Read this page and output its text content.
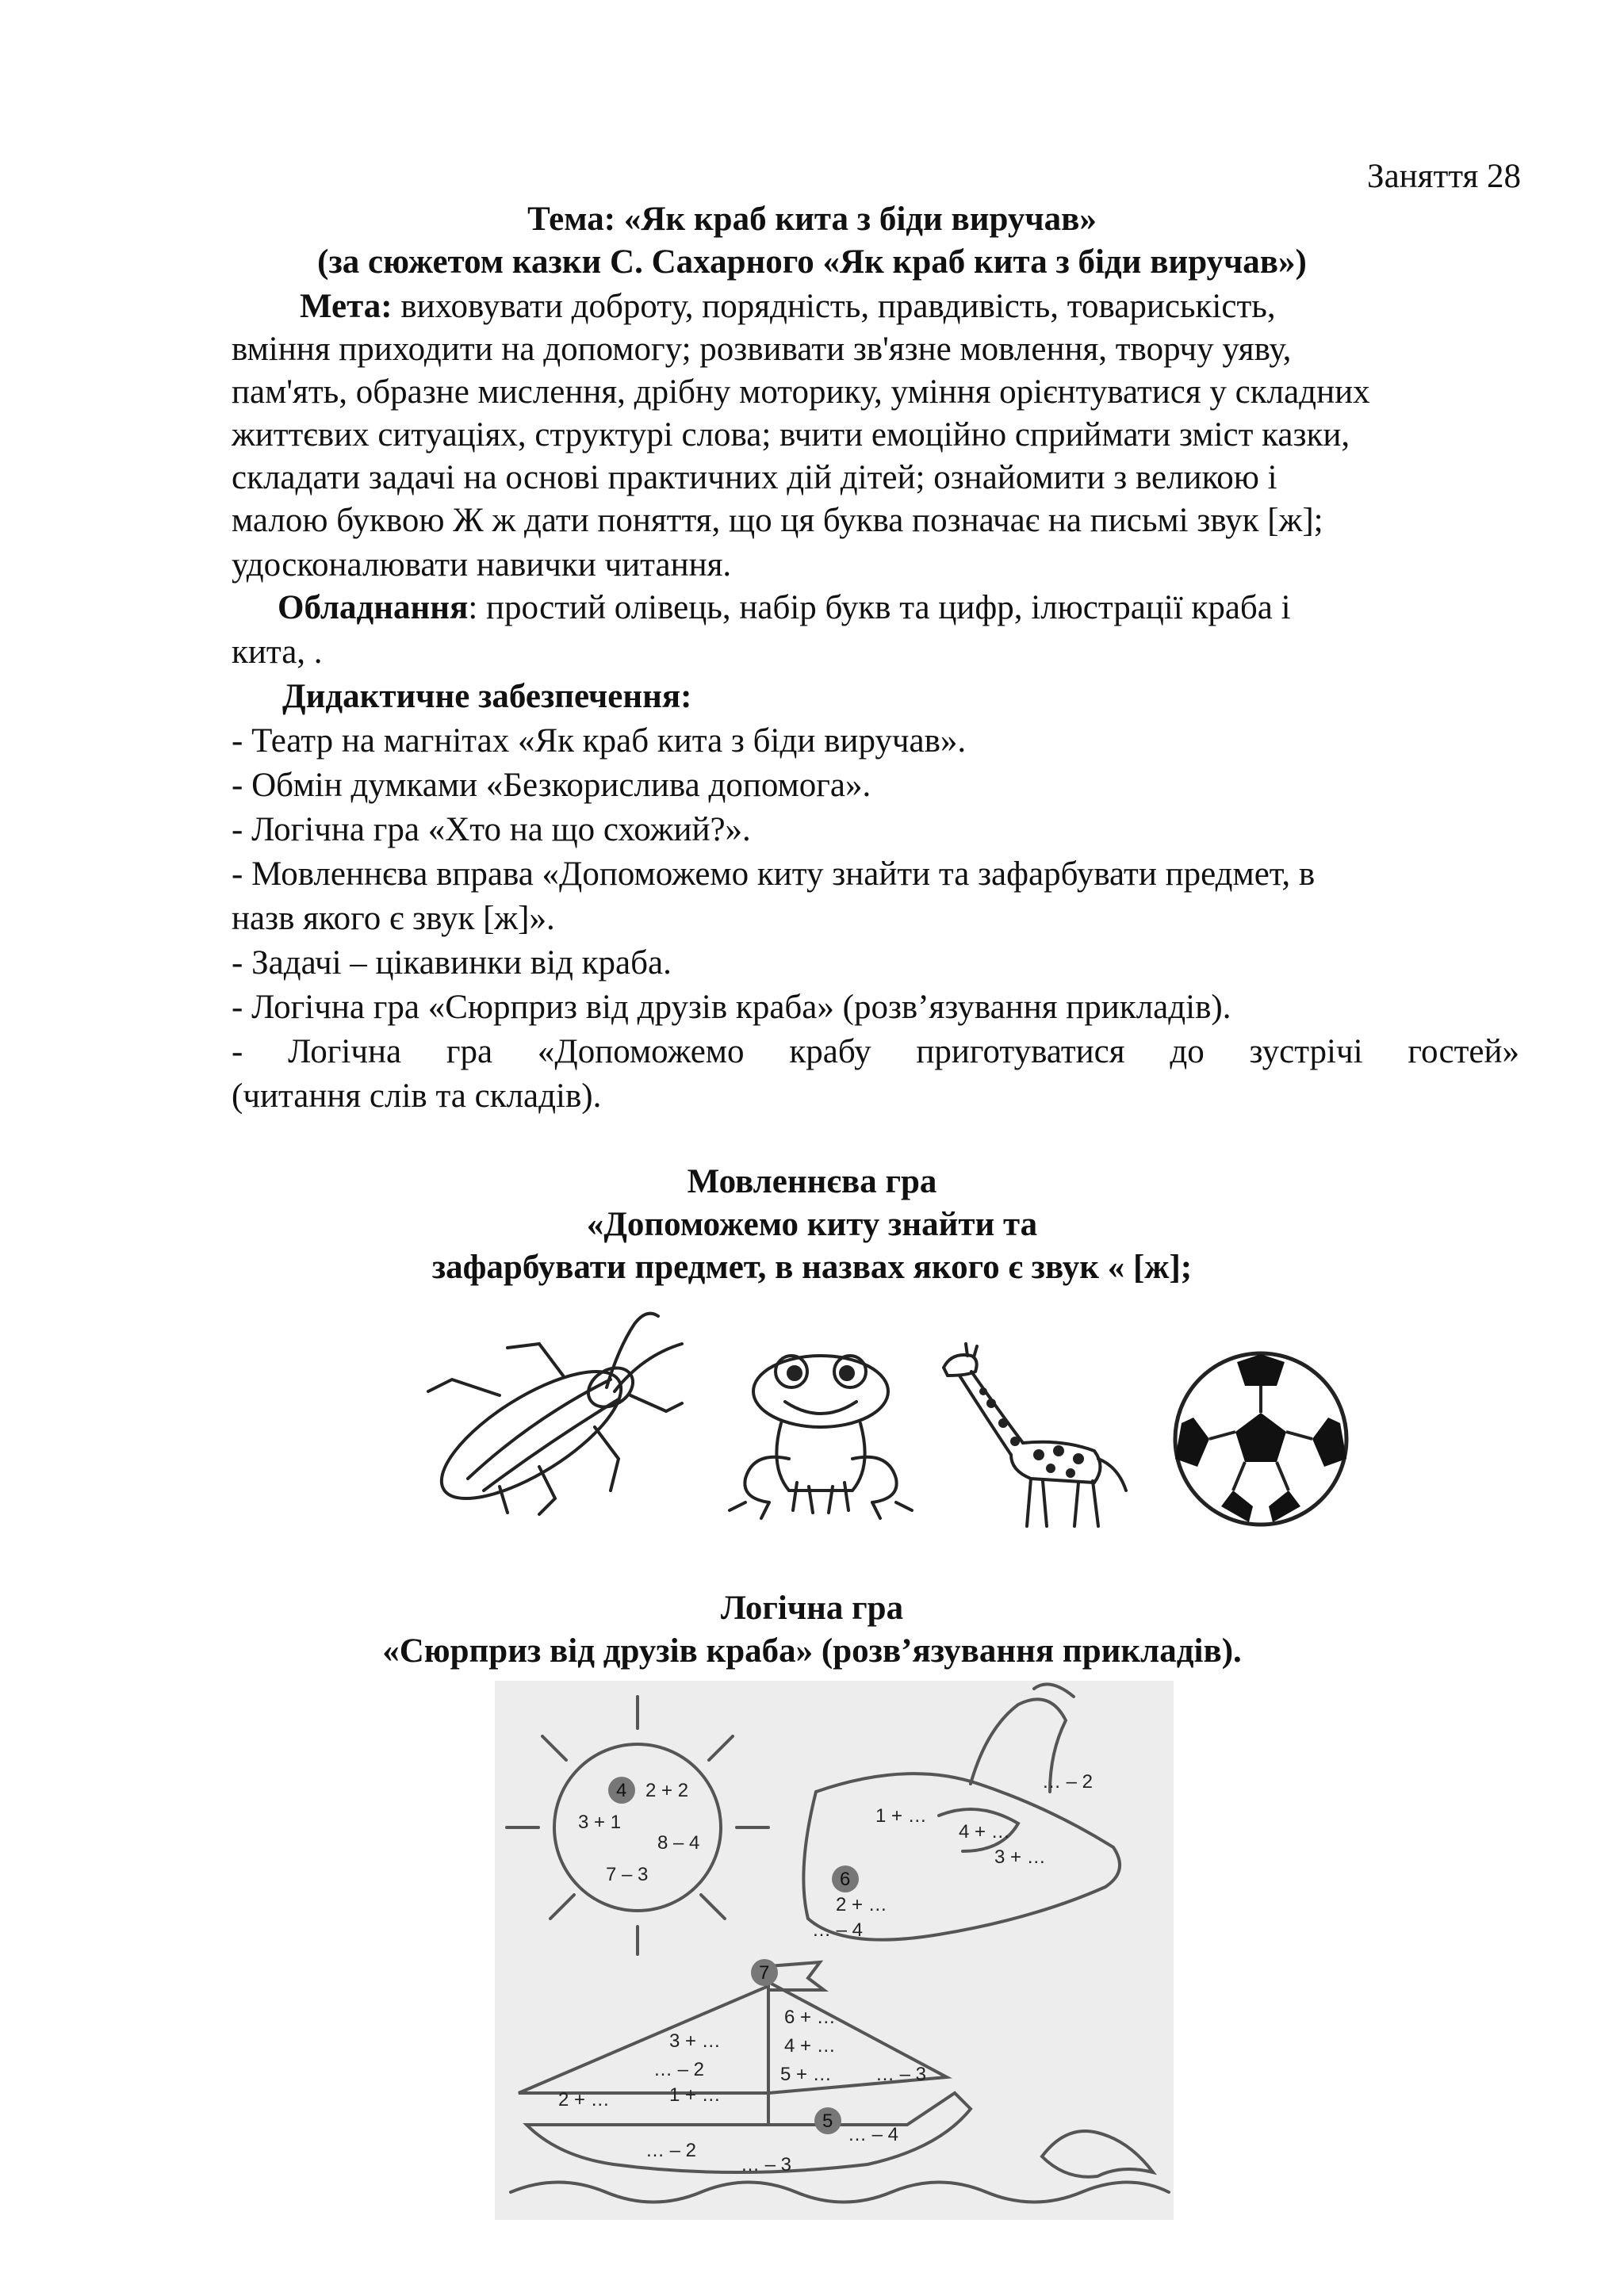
Заняття 28
Тема: «Як краб кита з біди виручав»
(за сюжетом казки С. Сахарного «Як краб кита з біди виручав»)
Мета: виховувати доброту, порядність, правдивість, товариськість,
вміння приходити на допомогу; розвивати зв'язне мовлення, творчу уяву,
пам'ять, образне мислення, дрібну моторику, уміння орієнтуватися у складних
життєвих ситуаціях, структурі слова; вчити емоційно сприймати зміст казки,
складати задачі на основі практичних дій дітей; ознайомити з великою і
малою буквою Ж ж дати поняття, що ця буква позначає на письмі звук [ж];
удосконалювати навички читання.
Обладнання: простий олівець, набір букв та цифр, ілюстрації краба і
кита, .
Дидактичне забезпечення:
- Театр на магнітах «Як краб кита з біди виручав».
- Обмін думками «Безкорислива допомога».
- Логічна гра «Хто на що схожий?».
- Мовленнєва вправа «Допоможемо киту знайти та зафарбувати предмет, в
назв якого є звук [ж]».
- Задачі – цікавинки від краба.
- Логічна гра «Сюрприз від друзів краба» (розв’язування прикладів).
- Логічна гра «Допоможемо крабу приготуватися до зустрічі гостей»
(читання слів та складів).
Мовленнєва гра
«Допоможемо киту знайти та
зафарбувати предмет, в назвах якого є звук « [ж];
Логічна гра
«Сюрприз від друзів краба» (розв’язування прикладів).
4
6
7
5
2 + 2
3 + 1
8 – 4
7 – 3
… – 2
1 + …
4 + …
3 + …
2 + …
… – 4
6 + …
3 + …	4 + …
… – 2	5 + … … – 3
2 + …	1 + …
… – 4
… – 2
… – 3
